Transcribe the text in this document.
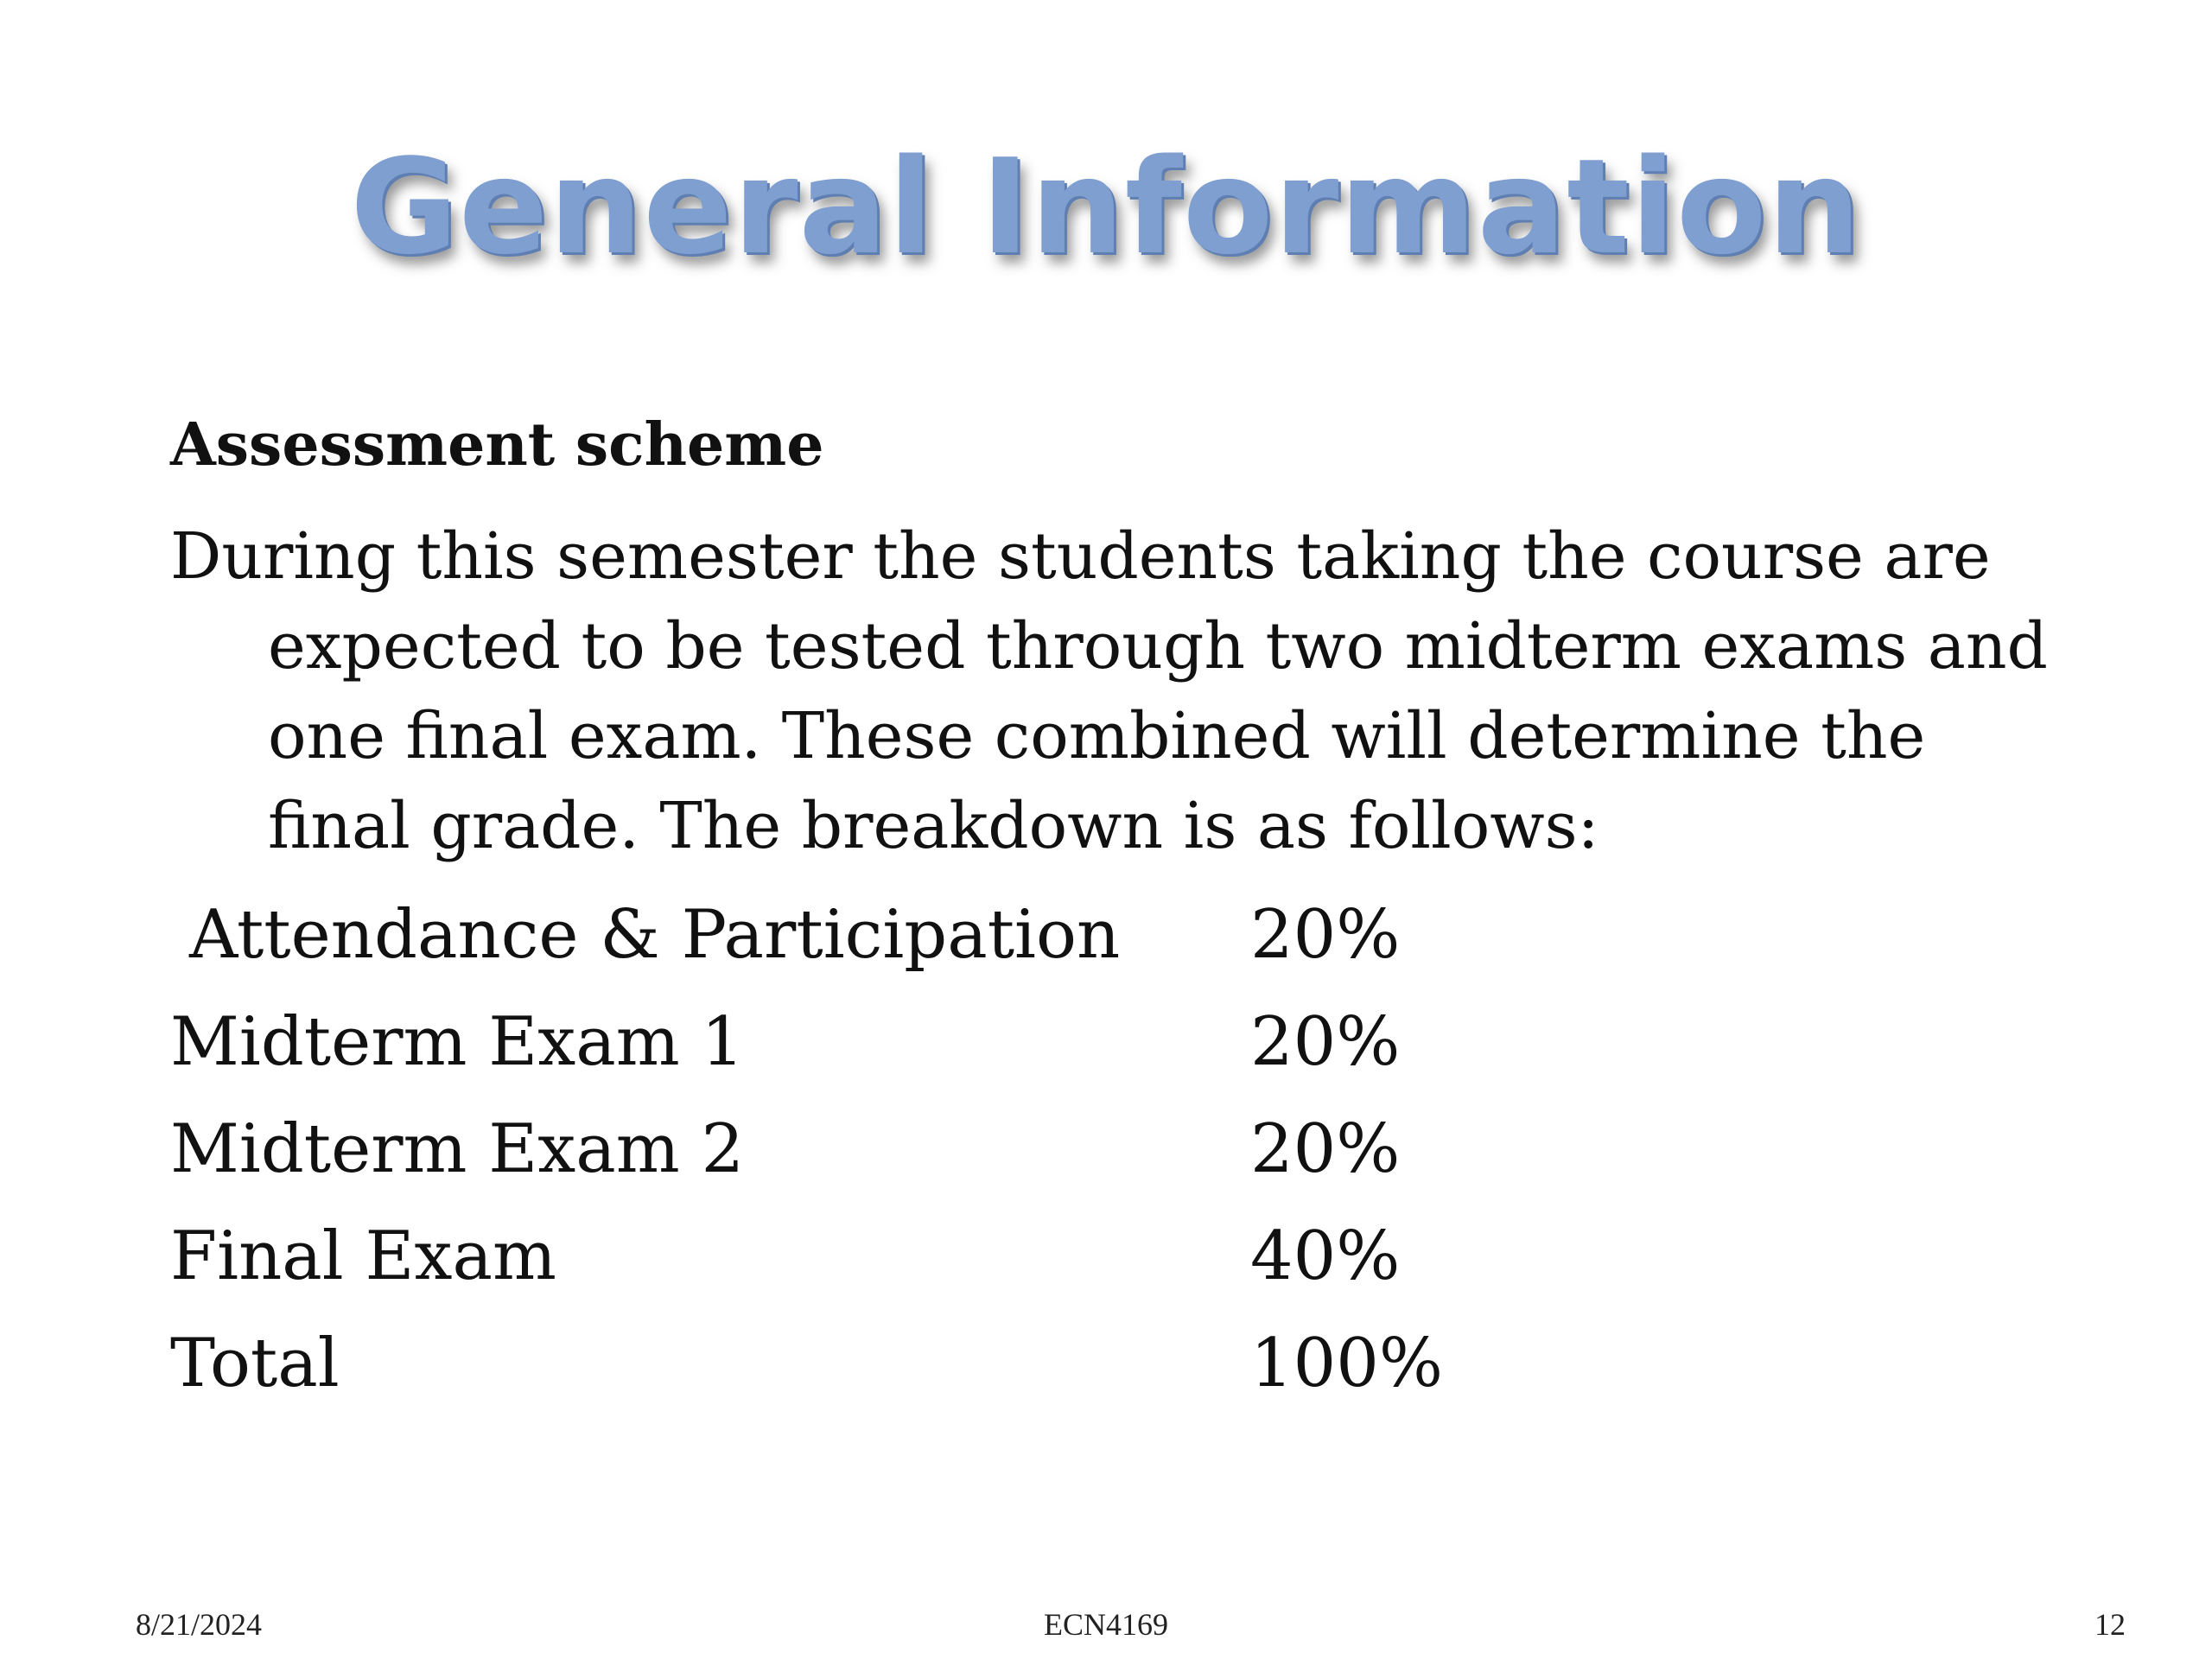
General Information
Assessment scheme

During this semester the students taking the course are
expected to be tested through two midterm exams and
one final exam. These combined will determine the
final grade. The breakdown is as follows:

Attendance & Participation 20%
Midterm Exam 1	20%
Midterm Exam 2	20%
Final Exam	40%
Total	100%
8/21/2024	ECN4169	12
